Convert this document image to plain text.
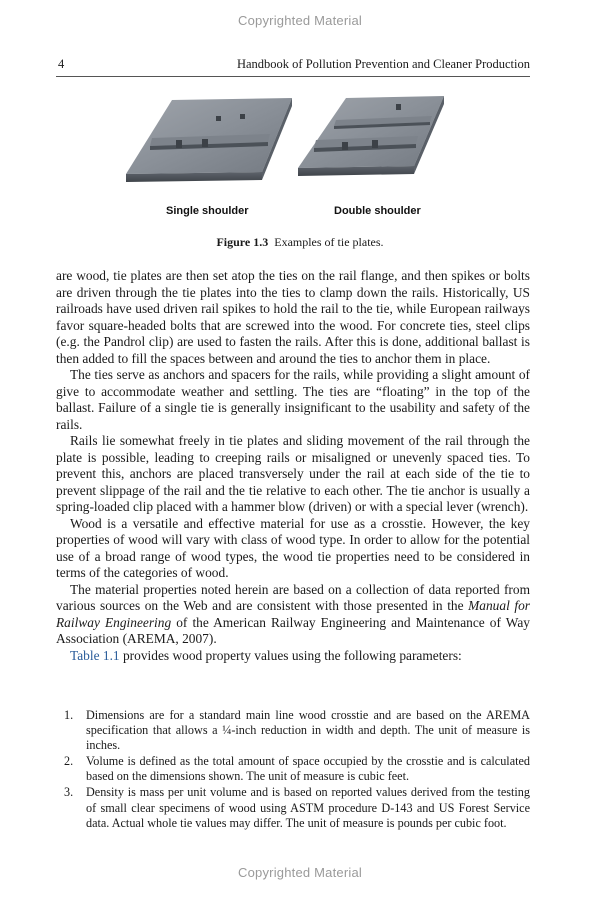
Copyrighted Material
4	Handbook of Pollution Prevention and Cleaner Production
Single shoulder	Double shoulder
Figure 1.3 Examples of tie plates.

are wood, tie plates are then set atop the ties on the rail flange, and then spikes or bolts are driven through the tie plates into the ties to clamp down the rails. Historically, US railroads have used driven rail spikes to hold the rail to the tie, while European railways favor square-headed bolts that are screwed into the wood. For concrete ties, steel clips (e.g. the Pandrol clip) are used to fasten the rails. After this is done, additional ballast is then added to fill the spaces between and around the ties to anchor them in place.

The ties serve as anchors and spacers for the rails, while providing a slight amount of give to accommodate weather and settling. The ties are “floating” in the top of the ballast. Failure of a single tie is generally insignificant to the usability and safety of the rails.

Rails lie somewhat freely in tie plates and sliding movement of the rail through the plate is possible, leading to creeping rails or misaligned or unevenly spaced ties. To prevent this, anchors are placed transversely under the rail at each side of the tie to prevent slippage of the rail and the tie relative to each other. The tie anchor is usually a spring-loaded clip placed with a hammer blow (driven) or with a special lever (wrench).

Wood is a versatile and effective material for use as a crosstie. However, the key properties of wood will vary with class of wood type. In order to allow for the potential use of a broad range of wood types, the wood tie properties need to be considered in terms of the categories of wood.

The material properties noted herein are based on a collection of data reported from various sources on the Web and are consistent with those presented in the Manual for Railway Engineering of the American Railway Engineering and Maintenance of Way Association (AREMA, 2007).

Table 1.1 provides wood property values using the following parameters:

1. Dimensions are for a standard main line wood crosstie and are based on the AREMA specification that allows a ¼-inch reduction in width and depth. The unit of measure is inches.
2. Volume is defined as the total amount of space occupied by the crosstie and is calculated based on the dimensions shown. The unit of measure is cubic feet.
3. Density is mass per unit volume and is based on reported values derived from the testing of small clear specimens of wood using ASTM procedure D-143 and US Forest Service data. Actual whole tie values may differ. The unit of measure is pounds per cubic foot.
Copyrighted Material
